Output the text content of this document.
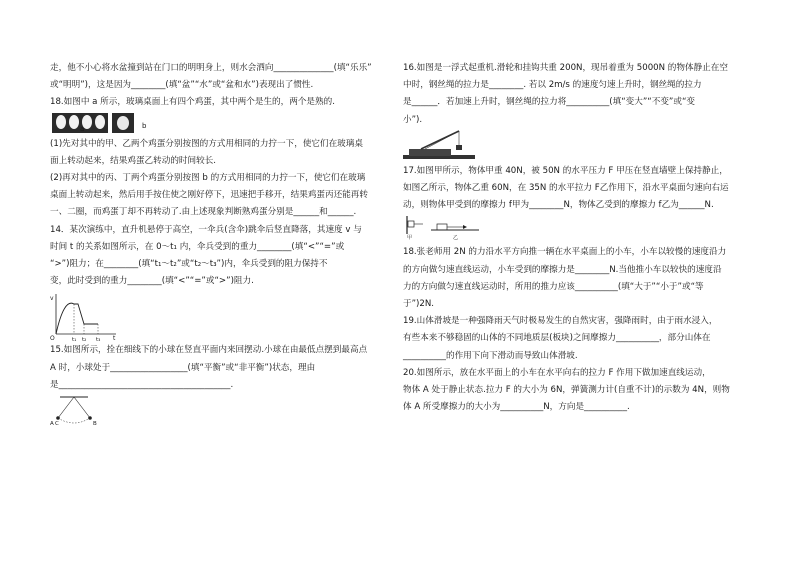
走，他不小心将水盆撞到站在门口的明明身上，则水会洒向______________(填“乐乐”

或“明明”)，这是因为________(填“盆”“水”或“盆和水”)表现出了惯性.

18.如图中 a 所示，玻璃桌面上有四个鸡蛋，其中两个是生的，两个是熟的.

a	b

(1)先对其中的甲、乙两个鸡蛋分别按图的方式用相同的力拧一下，使它们在玻璃桌

面上转动起来，结果鸡蛋乙转动的时间较长.

(2)再对其中的丙、丁两个鸡蛋分别按图 b 的方式用相同的力拧一下，使它们在玻璃

桌面上转动起来，然后用手按住使之刚好停下，迅速把手移开，结果鸡蛋丙还能再转

一、二圈，而鸡蛋丁却不再转动了.由上述现象判断熟鸡蛋分别是______和______.

14．某次演练中，直升机悬停于高空，一伞兵(含伞)跳伞后竖直降落，其速度 v 与

时间 t 的关系如图所示，在 0～t₁ 内，伞兵受到的重力________(填“<”“=”或

“>”)阻力；在________(填“t₁～t₂”或“t₂～t₃”)内，伞兵受到的阻力保持不

变，此时受到的重力________(填“<”“=”或“>”)阻力.

v
O	t₁ t₂ t₃ t

15.如图所示，拴在细线下的小球在竖直平面内来回摆动.小球在由最低点摆到最高点

A 时，小球处于__________________(填“平衡”或“非平衡”)状态，理由

是________________________________________.

A C	B

16.如图是一浮式起重机.滑轮和挂钩共重 200N，现吊着重为 5000N 的物体静止在空

中时，钢丝绳的拉力是________. 若以 2m/s 的速度匀速上升时，钢丝绳的拉力

是______．若加速上升时，钢丝绳的拉力将__________(填“变大”“不变”或“变

小”).

17.如图甲所示，物体甲重 40N，被 50N 的水平压力 F 甲压在竖直墙壁上保持静止，

如图乙所示，物体乙重 60N，在 35N 的水平拉力 F乙作用下，沿水平桌面匀速向右运

动，则物体甲受到的摩擦力 f甲为________N，物体乙受到的摩擦力 f乙为______N.

甲	乙

18.张老师用 2N 的力沿水平方向推一辆在水平桌面上的小车，小车以较慢的速度沿力

的方向做匀速直线运动，小车受到的摩擦力是________N.当他推小车以较快的速度沿

力的方向做匀速直线运动时，所用的推力应该__________(填“大于”“小于”或“等

于”)2N.

19.山体滑坡是一种强降雨天气时极易发生的自然灾害，强降雨时，由于雨水浸入，

有些本来不够稳固的山体的不同地质层(板块)之间摩擦力__________，部分山体在

__________的作用下向下滑动而导致山体滑坡.

20.如图所示，放在水平面上的小车在水平向右的拉力 F 作用下做加速直线运动，

物体 A 处于静止状态.拉力 F 的大小为 6N，弹簧测力计(自重不计)的示数为 4N，则物

体 A 所受摩擦力的大小为__________N，方向是__________.
